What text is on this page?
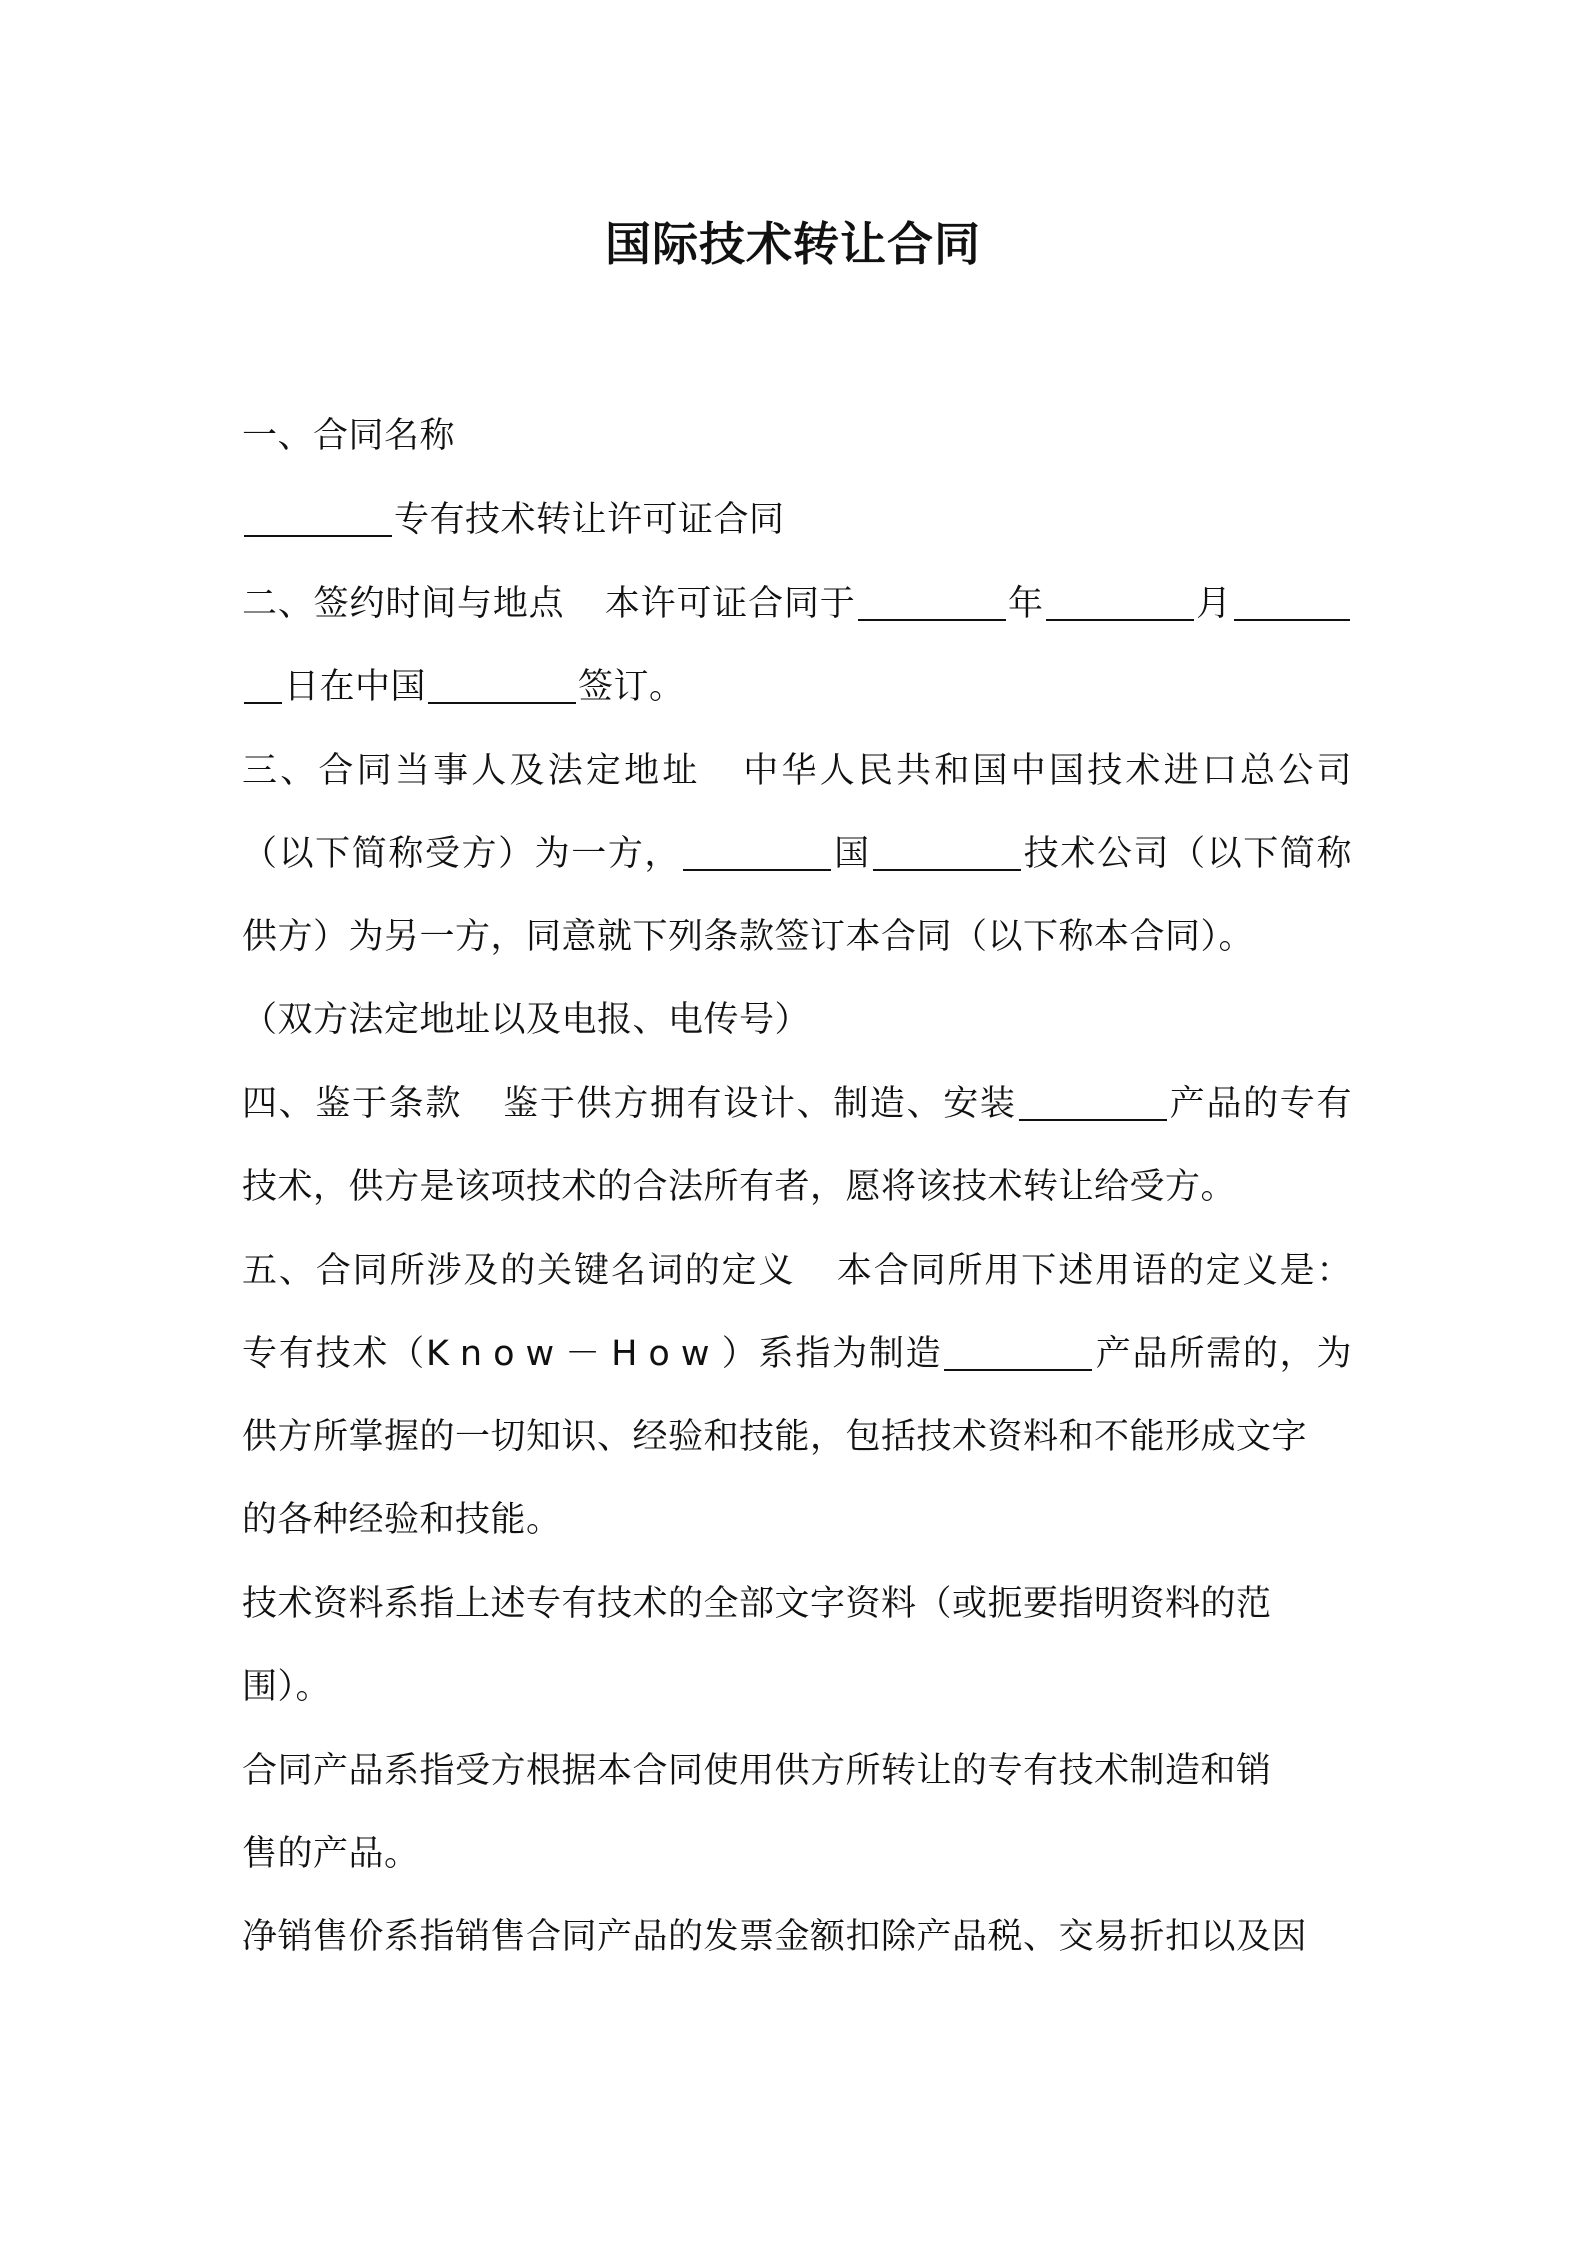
国际技术转让合同
一、合同名称
专有技术转让许可证合同
二、签约时间与地点 本许可证合同于	年	月
日在中国	签订。
三、合同当事人及法定地址 中华人民共和国中国技术进口总公司
（以下简称受方）为一方，	国	技术公司（以下简称
供方）为另一方，同意就下列条款签订本合同（以下称本合同）。
（双方法定地址以及电报、电传号）
四、鉴于条款 鉴于供方拥有设计、制造、安装	产品的专有
技术，供方是该项技术的合法所有者，愿将该技术转让给受方。
五、合同所涉及的关键名词的定义 本合同所用下述用语的定义是：
专有技术（Know－How）系指为制造	产品所需的，为
供方所掌握的一切知识、经验和技能，包括技术资料和不能形成文字
的各种经验和技能。
技术资料系指上述专有技术的全部文字资料（或扼要指明资料的范
围）。
合同产品系指受方根据本合同使用供方所转让的专有技术制造和销
售的产品。
净销售价系指销售合同产品的发票金额扣除产品税、交易折扣以及因
